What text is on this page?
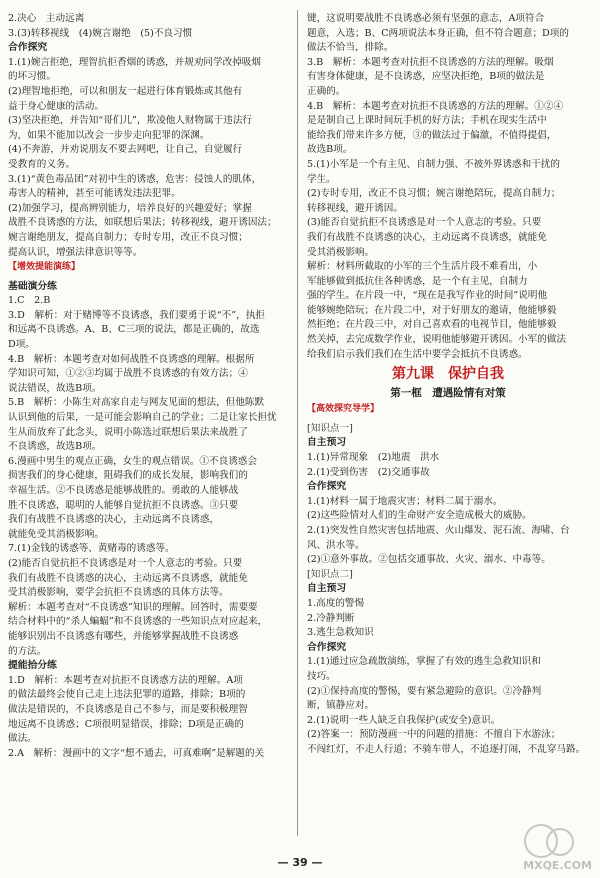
2.决心　主动远离
3.(3)转移视线　(4)婉言谢绝　(5)不良习惯
合作探究
1.(1)婉言拒绝，理智抗拒香烟的诱惑，并规劝同学改掉吸烟
的坏习惯。
(2)理智地拒绝，可以和朋友一起进行体育锻炼或其他有
益于身心健康的活动。
(3)坚决拒绝，并告知“哥们儿”，欺凌他人财物属于违法行
为，如果不能加以改会一步步走向犯罪的深渊。
(4)不奔游，并劝说朋友不要去网吧，让自己，自觉履行
受教育的义务。
3.(1)“黄色毒品团”对初中生的诱惑，危害：侵蚀人的肌体，
毒害人的精神，甚至可能诱发违法犯罪。
(2)加强学习，提高辨别能力，培养良好的兴趣爱好；掌握
战胜不良诱惑的方法，如联想后果法；转移视线，避开诱因法；
婉言谢绝朋友，提高自制力；专时专用，改正不良习惯；
提高认识，增强法律意识等等。
【增效提能演练】
基础演分练
1.C　2.B
3.D　解析：对于赌博等不良诱惑，我们要勇于说“不”，执拒
和远离不良诱惑。A、B、C三项的说法，都是正确的，故选
D项。
4.B　解析：本题考查对如何战胜不良诱惑的理解。根据所
学知识可知，①②③均属于战胜不良诱惑的有效方法；④
说法错误，故选B项。
5.B　解析：小陈生对高家自走与网友见面的想法，但他陈默
认识到他的后果，一是可能会影响自己的学业；二是让家长担忧
生从而放弃了此念头，说明小陈选过联想后果法来战胜了
不良诱惑，故选B项。
6.漫画中男生的观点正确，女生的观点错误。①不良诱惑会
损害我们的身心健康，阻碍我们的成长发展，影响我们的
幸福生活。②不良诱惑是能够战胜的。勇敢的人能够战
胜不良诱惑，聪明的人能够自觉抗拒不良诱惑。③只要
我们有战胜不良诱惑的决心，主动远离不良诱惑，
就能免受其消极影响。
7.(1)金钱的诱惑等、黄赌毒的诱惑等。
(2)能否自觉抗拒不良诱惑是对一个人意志的考验。只要
我们有战胜不良诱惑的决心，主动远离不良诱惑，就能免
受其消极影响，要学会抗拒不良诱惑的具体方法等。
解析：本题考查对“不良诱惑”知识的理解。回答时，需要要
结合材料中的“杀人蝙蝠”和不良诱惑的一些知识点对应起来，
能够识别出不良诱惑有哪些，并能够掌握战胜不良诱惑
的方法。
提能拾分练
1.D　解析：本题考查对抗拒不良诱惑方法的理解。A项
的做法最终会使自己走上违法犯罪的道路，排除；B项的
做法是错误的，不良诱惑是自己不参与，而是要积极理智
地远离不良诱惑；C项很明显错误，排除；D项是正确的
做法。
2.A　解析：漫画中的文字“想不通去，可真难啊”是解题的关
键，这说明要战胜不良诱惑必须有坚强的意志，A项符合
题意，入选；B、C两项说法本身正确，但不符合题意；D项的
做法不恰当，排除。
3.B　解析：本题考查对抗拒不良诱惑的方法的理解。吸烟
有害身体健康，是不良诱惑，应坚决拒绝，B项的做法是
正确的。
4.B　解析：本题考查对抗拒不良诱惑的方法的理解。①②④
是是制自己上课时间玩手机的好方法；手机在现实生活中
能给我们带来许多方便，③的做法过于偏激，不值得提倡，
故选B项。
5.(1)小军是一个有主见、自制力强、不被外界诱惑和干扰的
学生。
(2)专时专用，改正不良习惯；婉言谢绝陪玩，提高自制力；
转移视线，避开诱因。
(3)能否自觉抗拒不良诱惑是对一个人意志的考验。只要
我们有战胜不良诱惑的决心，主动远离不良诱惑，就能免
受其消极影响。
解析：材料所截取的小军的三个生活片段不难看出，小
军能够做到抵抗住各种诱惑，是一个有主见，自制力
强的学生。在片段一中，“现在是我写作业的时间”说明他
能够婉绝陪玩；在片段二中，对于好朋友的邀请，他能够毅
然拒绝；在片段三中，对自己喜欢看的电视节目，他能够毅
然关掉，去完成数学作业，说明他能够避开诱因。小军的做法
给我们启示我们我们在生活中要学会抵抗不良诱惑。
第九课　保护自我
第一框　遭遇险情有对策
【高效探究导学】
[知识点一]
自主预习
1.(1)异常现象　(2)地震　洪水
2.(1)受到伤害　(2)交通事故
合作探究
1.(1)材料一属于地震灾害；材料二属于溺水。
(2)这些险情对人们的生命财产安全造成极大的威胁。
2.(1)突发性自然灾害包括地震、火山爆发、泥石流、海啸、台
风、洪水等。
(2)①意外事故。②包括交通事故、火灾、溺水、中毒等。
[知识点二]
自主预习
1.高度的警惕
2.冷静判断
3.逃生急救知识
合作探究
1.(1)通过应急疏散演练，掌握了有效的逃生急救知识和
技巧。
(2)①保持高度的警惕，要有紧急避险的意识。②冷静判
断，镇静应对。
2.(1)说明一些人缺乏自我保护(或安全)意识。
(2)答案一：预防漫画一中的问题的措施：不擅自下水游泳；
不闯红灯，不走人行道；不骑车带人，不追逐打闹，不乱穿马路。
— 39 —	MXQE.COM
